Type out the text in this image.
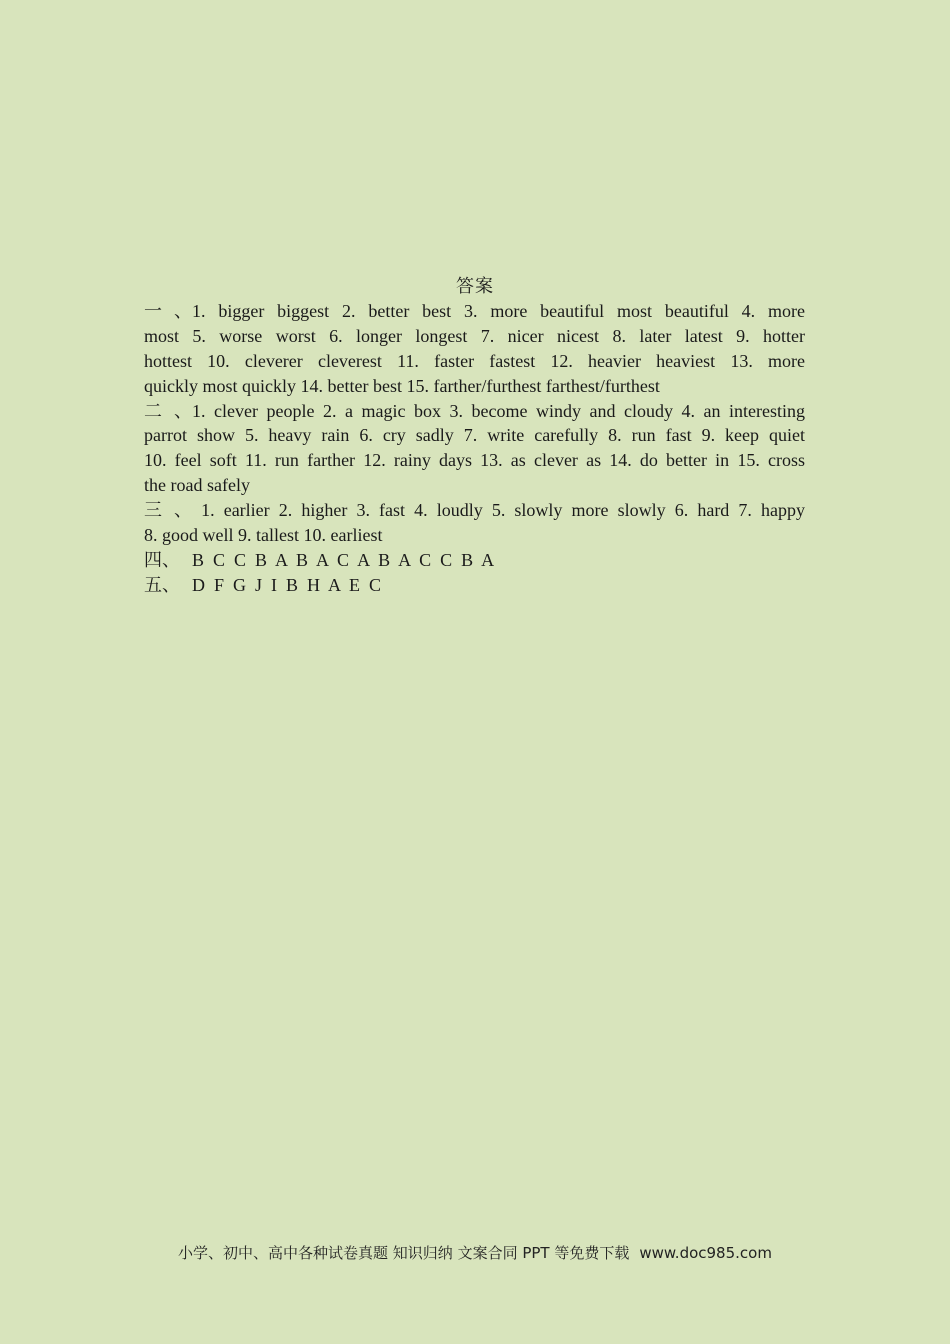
答案
一、1. bigger biggest 2. better best 3. more beautiful most beautiful 4. more
most 5. worse worst 6. longer longest 7. nicer nicest 8. later latest 9. hotter
hottest 10. cleverer cleverest 11. faster fastest 12. heavier heaviest 13. more
quickly most quickly 14. better best 15. farther/furthest farthest/furthest
二、1. clever people 2. a magic box 3. become windy and cloudy 4. an interesting
parrot show 5. heavy rain 6. cry sadly 7. write carefully 8. run fast 9. keep quiet
10. feel soft 11. run farther 12. rainy days 13. as clever as 14. do better in 15. cross
the road safely
三、 1. earlier 2. higher 3. fast 4. loudly 5. slowly more slowly 6. hard 7. happy
8. good well 9. tallest 10. earliest
四、 B  C  C  B  A  B  A  C  A  B  A  C  C  B  A
五、 D  F  G  J  I  B  H  A  E  C
小学、初中、高中各种试卷真题 知识归纳 文案合同 PPT 等免费下载 www.doc985.com
